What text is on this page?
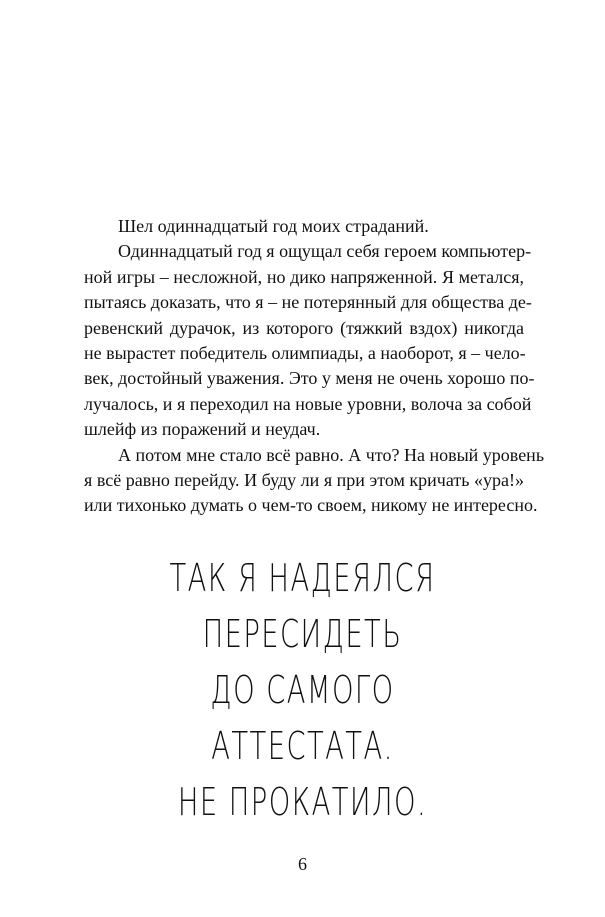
Шел одиннадцатый год моих страданий.
Одиннадцатый год я ощущал себя героем компьютер-
ной игры – несложной, но дико напряженной. Я метался,
пытаясь доказать, что я – не потерянный для общества де-
ревенский дурачок, из которого (тяжкий вздох) никогда
не вырастет победитель олимпиады, а наоборот, я – чело-
век, достойный уважения. Это у меня не очень хорошо по-
лучалось, и я переходил на новые уровни, волоча за собой
шлейф из поражений и неудач.
А потом мне стало всё равно. А что? На новый уровень
я всё равно перейду. И буду ли я при этом кричать «ура!»
или тихонько думать о чем-то своем, никому не интересно.
ТАК Я НАДЕЯЛСЯ
ПЕРЕСИДЕТЬ
ДО САМОГО
АТТЕСТАТА.
НЕ ПРОКАТИЛО.
6
